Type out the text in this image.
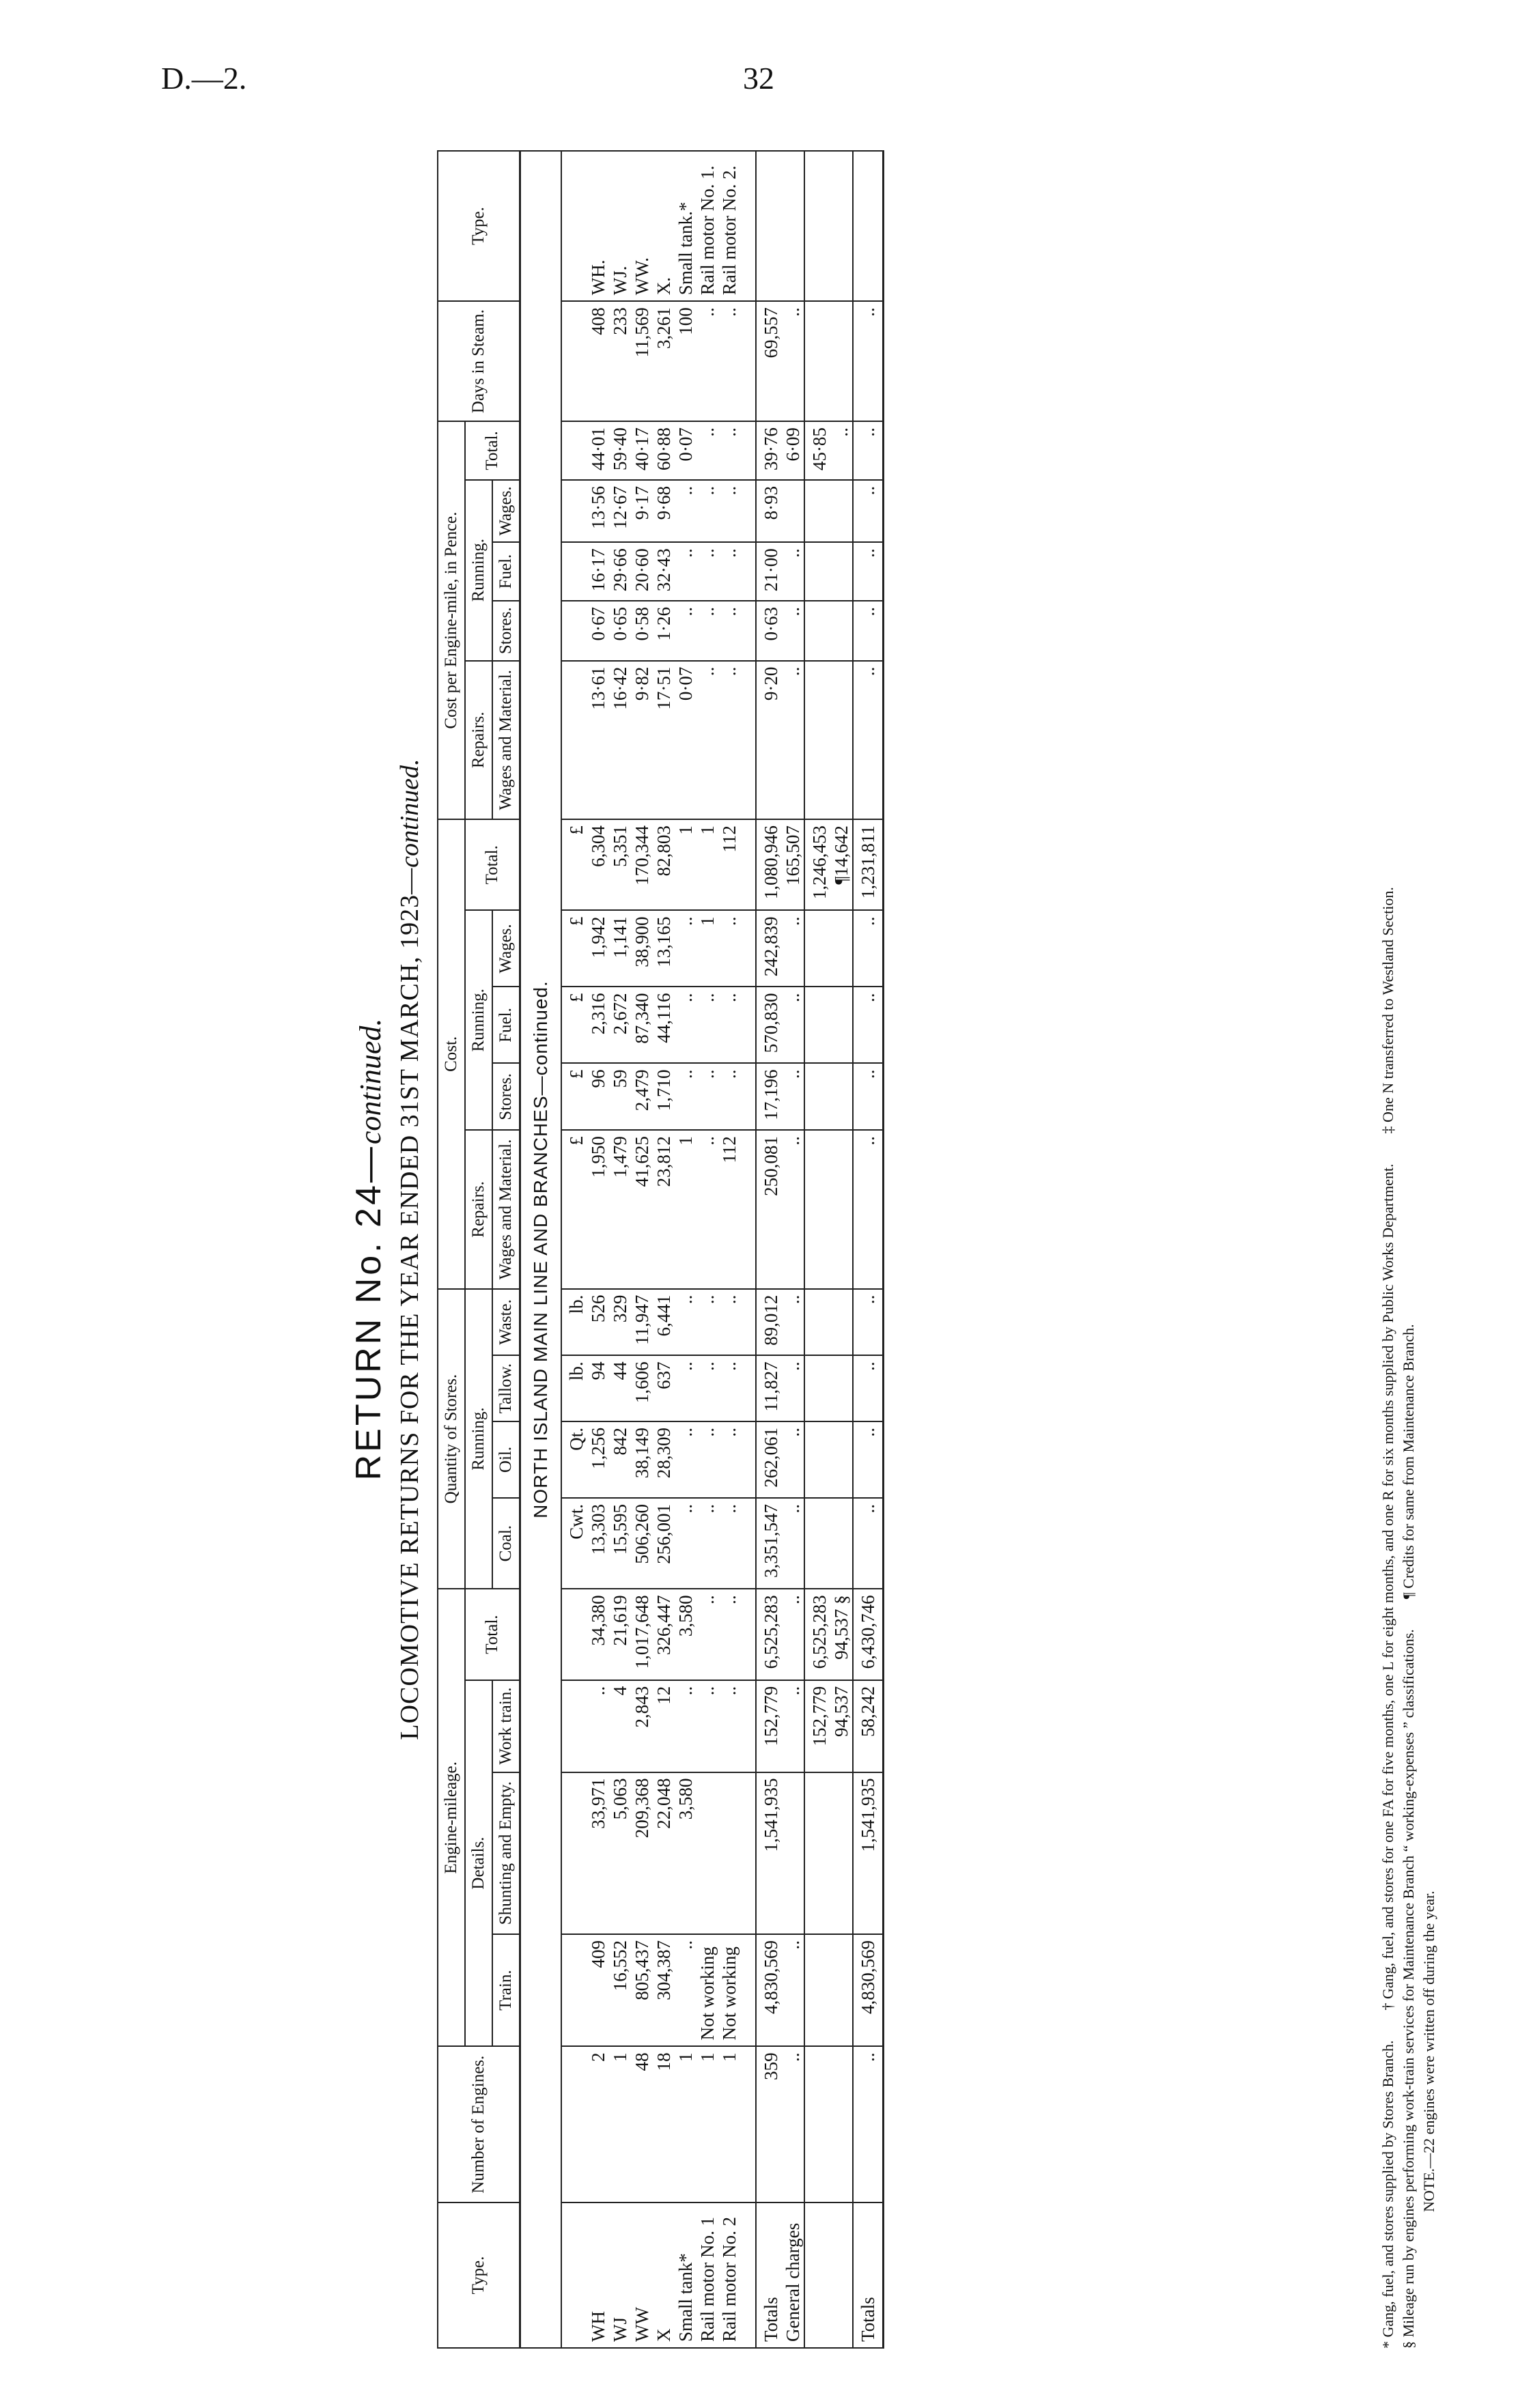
D.—2.	32
RETURN No. 24—continued. LOCOMOTIVE RETURNS FOR THE YEAR ENDED 31ST MARCH, 1923—continued.
Type.	Number of Engines.	Engine-mileage.				Quantity of Stores.				Cost.					Cost per Engine-mile, in Pence.					Days in Steam.	Type.
		Details.			Total.	Running.				Repairs.	Running.			Total.	Repairs.	Running.			Total.		
		Train.	Shunting and Empty.	Work train.		Coal.	Oil.	Tallow.	Waste.	Wages and Material.	Stores.	Fuel.	Wages.		Wages and Material.	Stores.	Fuel.	Wages.			
NORTH ISLAND MAIN LINE AND BRANCHES—continued.																					
						Cwt.	Qt.	lb.	lb.	£	£	£	£	£							
WH	2	409	33,971	..	34,380	13,303	1,256	94	526	1,950	96	2,316	1,942	6,304	13·61	0·67	16·17	13·56	44·01	408	WH.
WJ	1	16,552	5,063	4	21,619	15,595	842	44	329	1,479	59	2,672	1,141	5,351	16·42	0·65	29·66	12·67	59·40	233	WJ.
WW	48	805,437	209,368	2,843	1,017,648	506,260	38,149	1,606	11,947	41,625	2,479	87,340	38,900	170,344	9·82	0·58	20·60	9·17	40·17	11,569	WW.
X	18	304,387	22,048	12	326,447	256,001	28,309	637	6,441	23,812	1,710	44,116	13,165	82,803	17·51	1·26	32·43	9·68	60·88	3,261	X.
Small tank*	1	..	3,580	..	3,580	..	..	..	..	1	..	..	..	1	0·07	..	..	..	0·07	100	Small tank.*
Rail motor No. 1	1	Not working		..	..	..	..	..	..	..	..	..	1	1	..	..	..	..	..	..	Rail motor No. 1.
Rail motor No. 2	1	Not working		..	..	..	..	..	..	112	..	..	..	112	..	..	..	..	..	..	Rail motor No. 2.

Totals	359	4,830,569	1,541,935	152,779	6,525,283	3,351,547	262,061	11,827	89,012	250,081	17,196	570,830	242,839	1,080,946	9·20	0·63	21·00	8·93	39·76	69,557	
General charges	..	..		..	..	..	..	..	..	..	..	..	..	165,507	..	..	..		6·09	..	
				152,779	6,525,283									1,246,453					45·85		
				94,537	94,537 §									¶14,642					..		
Totals	..	4,830,569	1,541,935	58,242	6,430,746	..	..	..	..	..	..	..	..	1,231,811	..	..	..	..	..	..	
* Gang, fuel, and stores supplied by Stores Branch.        † Gang, fuel, and stores for one FA for five months, one L for eight months, and one R for six months supplied by Public Works Department.        ‡ One N transferred to Westland Section.
§ Mileage run by engines performing work-train services for Maintenance Branch “ working-expenses ” classifications.        ¶ Credits for same from Maintenance Branch.
NOTE.—22 engines were written off during the year.
